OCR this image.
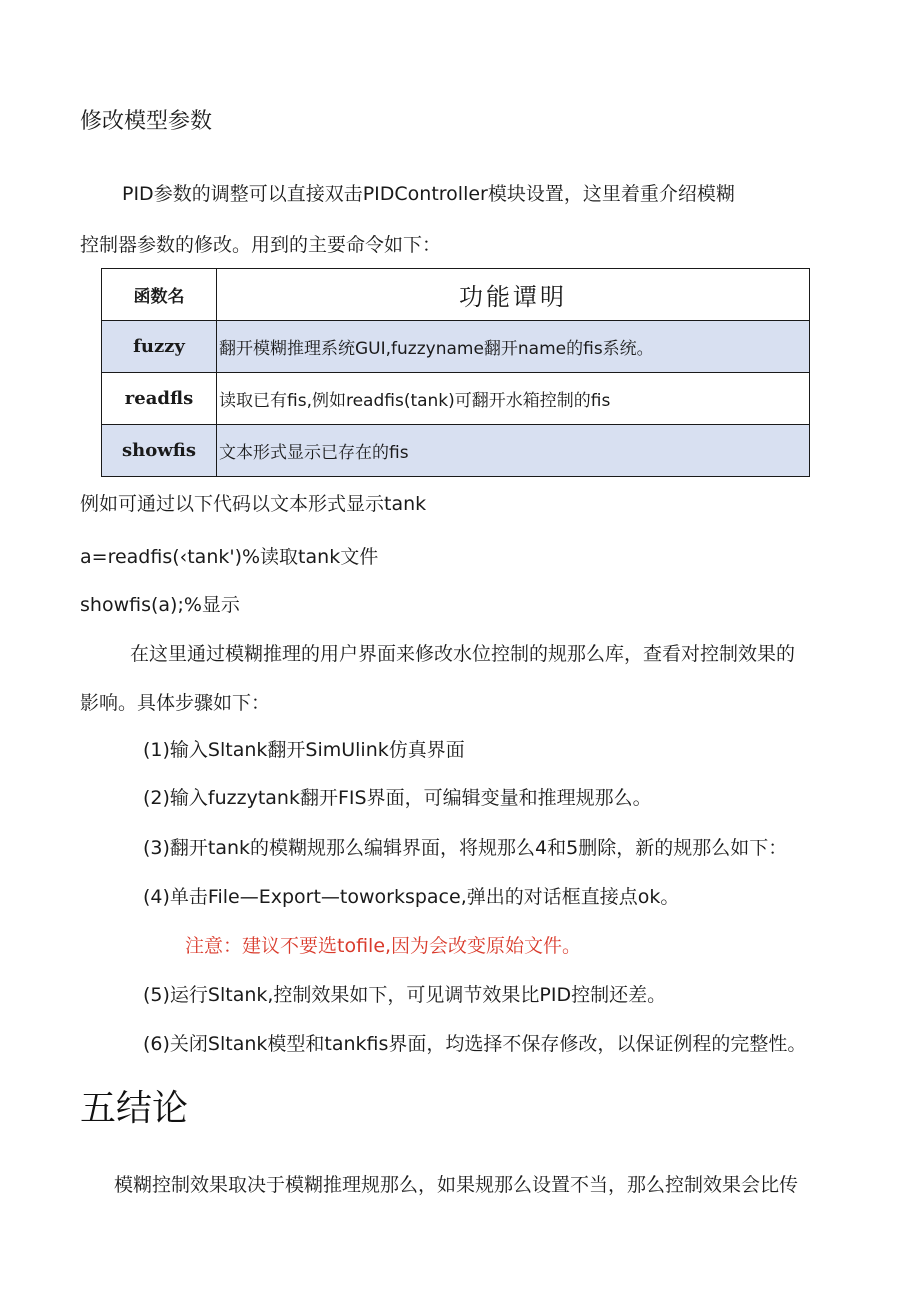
修改模型参数
PID参数的调整可以直接双击PIDController模块设置，这里着重介绍模糊
控制器参数的修改。用到的主要命令如下：
函数名	功能谭明
fuzzy	翻开模糊推理系统GUI,fuzzyname翻开name的fis系统。
readfls	读取已有fis,例如readfis(tank)可翻开水箱控制的fis
showfis	文本形式显示已存在的fis
例如可通过以下代码以文本形式显示tank
a=readfis(‹tank')%读取tank文件
showfis(a);%显示
在这里通过模糊推理的用户界面来修改水位控制的规那么库，查看对控制效果的
影响。具体步骤如下：
(1)输入Sltank翻开SimUlink仿真界面
(2)输入fuzzytank翻开FIS界面，可编辑变量和推理规那么。
(3)翻开tank的模糊规那么编辑界面，将规那么4和5删除，新的规那么如下：
(4)单击File—Export—toworkspace,弹出的对话框直接点ok。
注意：建议不要选tofile,因为会改变原始文件。
(5)运行Sltank,控制效果如下，可见调节效果比PID控制还差。
(6)关闭Sltank模型和tankfis界面，均选择不保存修改，以保证例程的完整性。
五结论
模糊控制效果取决于模糊推理规那么，如果规那么设置不当，那么控制效果会比传
